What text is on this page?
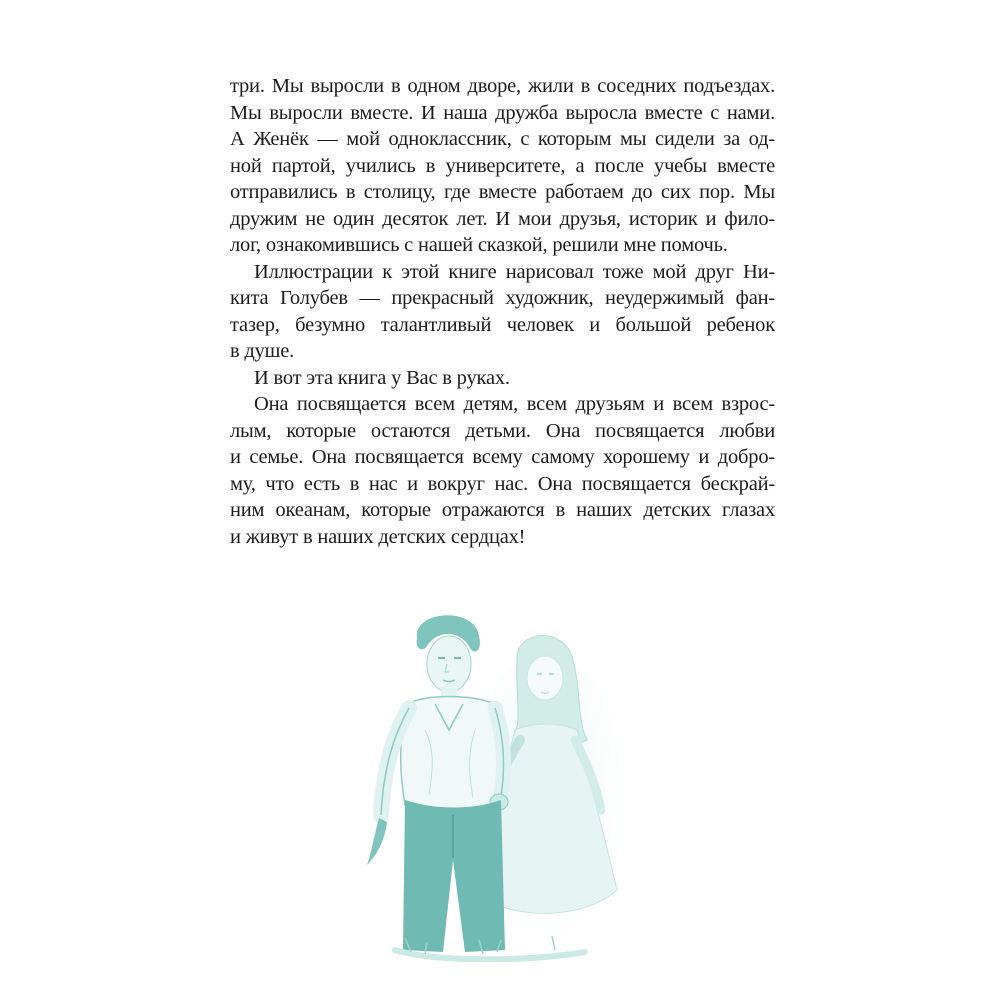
три. Мы выросли в одном дворе, жили в соседних подъездах.
Мы выросли вместе. И наша дружба выросла вместе с нами.
А Женёк — мой одноклассник, с которым мы сидели за од-
ной партой, учились в университете, а после учебы вместе
отправились в столицу, где вместе работаем до сих пор. Мы
дружим не один десяток лет. И мои друзья, историк и фило-
лог, ознакомившись с нашей сказкой, решили мне помочь.
Иллюстрации к этой книге нарисовал тоже мой друг Ни-
кита Голубев — прекрасный художник, неудержимый фан-
тазер, безумно талантливый человек и большой ребенок
в душе.
И вот эта книга у Вас в руках.
Она посвящается всем детям, всем друзьям и всем взрос-
лым, которые остаются детьми. Она посвящается любви
и семье. Она посвящается всему самому хорошему и добро-
му, что есть в нас и вокруг нас. Она посвящается бескрай-
ним океанам, которые отражаются в наших детских глазах
и живут в наших детских сердцах!
